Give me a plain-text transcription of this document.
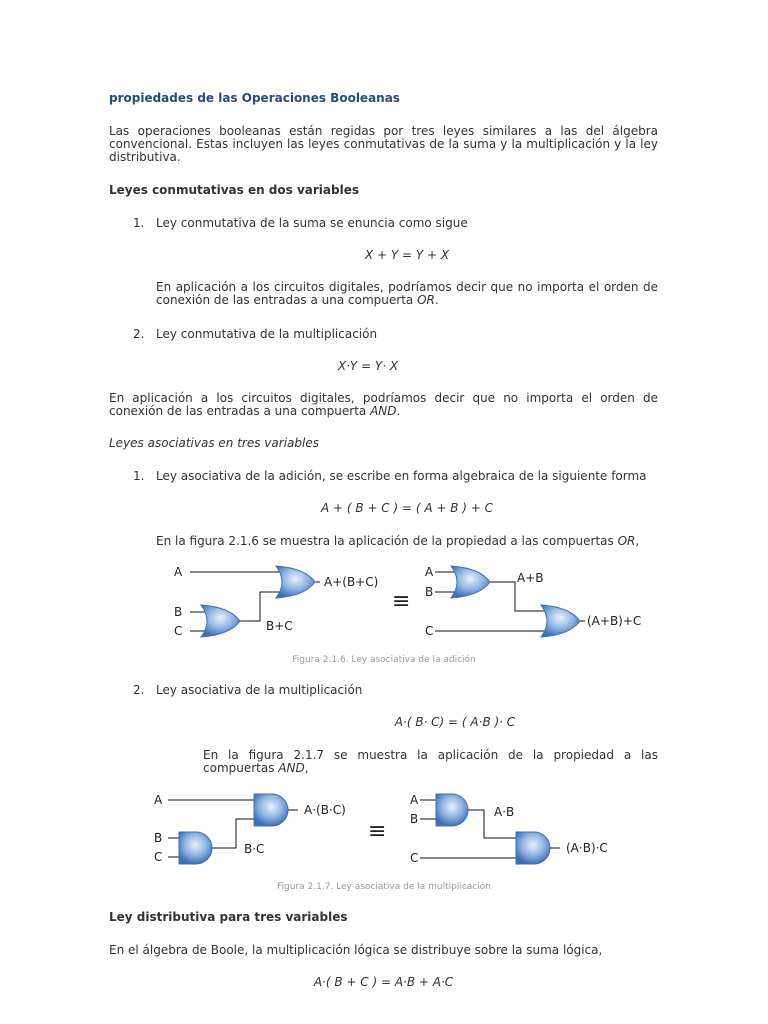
propiedades de las Operaciones Booleanas
Las operaciones booleanas están regidas por tres leyes similares a las del álgebra convencional. Estas incluyen las leyes conmutativas de la suma y la multiplicación y la ley distributiva.
Leyes conmutativas en dos variables
1. Ley conmutativa de la suma se enuncia como sigue
X + Y = Y + X
En aplicación a los circuitos digitales, podríamos decir que no importa el orden de conexión de las entradas a una compuerta OR.
2. Ley conmutativa de la multiplicación
X·Y = Y· X
En aplicación a los circuitos digitales, podríamos decir que no importa el orden de conexión de las entradas a una compuerta AND.
Leyes asociativas en tres variables
1. Ley asociativa de la adición, se escribe en forma algebraica de la siguiente forma
A + ( B + C ) = ( A + B ) + C
En la figura 2.1.6 se muestra la aplicación de la propiedad a las compuertas OR,
A
B
C	B+C
A+(B+C)
≡
A
B
C
A+B
(A+B)+C
Figura 2.1.6. Ley asociativa de la adición
2. Ley asociativa de la multiplicación
A·( B· C) = ( A·B )· C
En la figura 2.1.7 se muestra la aplicación de la propiedad a las compuertas AND,
A
B
C
B·C
A·(B·C)
≡
A
B
C
A·B
(A·B)·C
Figura 2.1.7. Ley asociativa de la multiplicación
Ley distributiva para tres variables
En el álgebra de Boole, la multiplicación lógica se distribuye sobre la suma lógica,
A·( B + C ) = A·B + A·C
